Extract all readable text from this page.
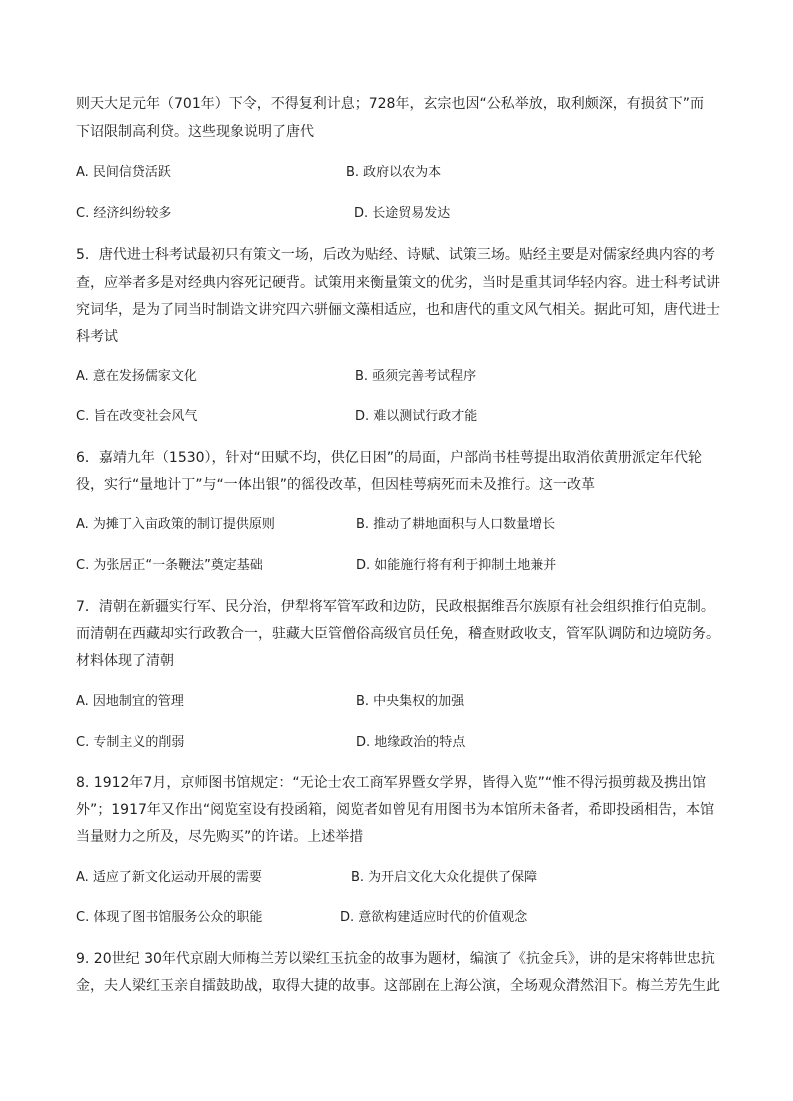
则天大足元年（701年）下令，不得复利计息；728年，玄宗也因“公私举放，取利颇深，有损贫下”而
下诏限制高利贷。这些现象说明了唐代
A. 民间信贷活跃	B. 政府以农为本
C. 经济纠纷较多	D. 长途贸易发达
5．唐代进士科考试最初只有策文一场，后改为贴经、诗赋、试策三场。贴经主要是对儒家经典内容的考
查，应举者多是对经典内容死记硬背。试策用来衡量策文的优劣，当时是重其词华轻内容。进士科考试讲
究词华，是为了同当时制诰文讲究四六骈俪文藻相适应，也和唐代的重文风气相关。据此可知，唐代进士
科考试
A. 意在发扬儒家文化	B. 亟须完善考试程序
C. 旨在改变社会风气	D. 难以测试行政才能
6．嘉靖九年（1530），针对“田赋不均，供亿日困”的局面，户部尚书桂萼提出取消依黄册派定年代轮
役，实行“量地计丁”与“一体出银”的徭役改革，但因桂萼病死而未及推行。这一改革
A. 为摊丁入亩政策的制订提供原则	B. 推动了耕地面积与人口数量增长
C. 为张居正“一条鞭法”奠定基础	D. 如能施行将有利于抑制土地兼并
7．清朝在新疆实行军、民分治，伊犁将军管军政和边防，民政根据维吾尔族原有社会组织推行伯克制。
而清朝在西藏却实行政教合一，驻藏大臣管僧俗高级官员任免，稽查财政收支，管军队调防和边境防务。
材料体现了清朝
A. 因地制宜的管理	B. 中央集权的加强
C. 专制主义的削弱	D. 地缘政治的特点
8. 1912年7月，京师图书馆规定：“无论士农工商军界暨女学界，皆得入览”“惟不得污损剪裁及携出馆
外”；1917年又作出“阅览室设有投函箱，阅览者如曾见有用图书为本馆所未备者，希即投函相告，本馆
当量财力之所及，尽先购买”的许诺。上述举措
A. 适应了新文化运动开展的需要	B. 为开启文化大众化提供了保障
C. 体现了图书馆服务公众的职能	D. 意欲构建适应时代的价值观念
9. 20世纪 30年代京剧大师梅兰芳以梁红玉抗金的故事为题材，编演了《抗金兵》，讲的是宋将韩世忠抗
金，夫人梁红玉亲自擂鼓助战，取得大捷的故事。这部剧在上海公演，全场观众潸然泪下。梅兰芳先生此
